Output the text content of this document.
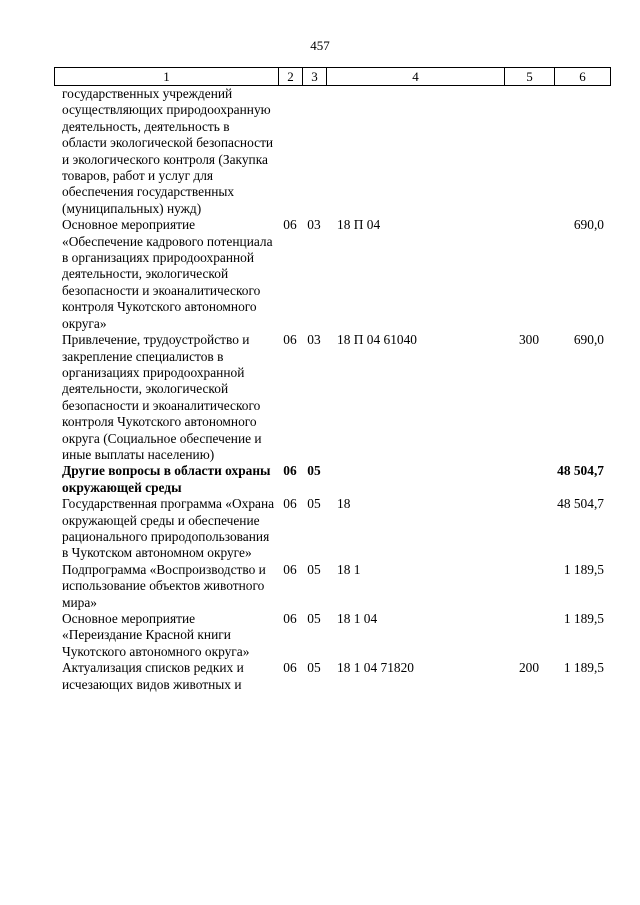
457
1	2	3	4	5	6
государственных учреждений осуществляющих природоохранную деятельность, деятельность в области экологической безопасности и экологического контроля (Закупка товаров, работ и услуг для обеспечения государственных (муниципальных) нужд)					
Основное мероприятие «Обеспечение кадрового потенциала в организациях природоохранной деятельности, экологической безопасности и экоаналитического контроля Чукотского автономного округа»	06	03	18 П 04		690,0
Привлечение, трудоустройство и закрепление специалистов в организациях природоохранной деятельности, экологической безопасности и экоаналитического контроля Чукотского автономного округа (Социальное обеспечение и иные выплаты населению)	06	03	18 П 04 61040	300	690,0
Другие вопросы в области охраны окружающей среды	06	05			48 504,7
Государственная программа «Охрана окружающей среды и обеспечение рационального природопользования в Чукотском автономном округе»	06	05	18		48 504,7
Подпрограмма «Воспроизводство и использование объектов животного мира»	06	05	18 1		1 189,5
Основное мероприятие «Переиздание Красной книги Чукотского автономного округа»	06	05	18 1 04		1 189,5
Актуализация списков редких и исчезающих видов животных и	06	05	18 1 04 71820	200	1 189,5
